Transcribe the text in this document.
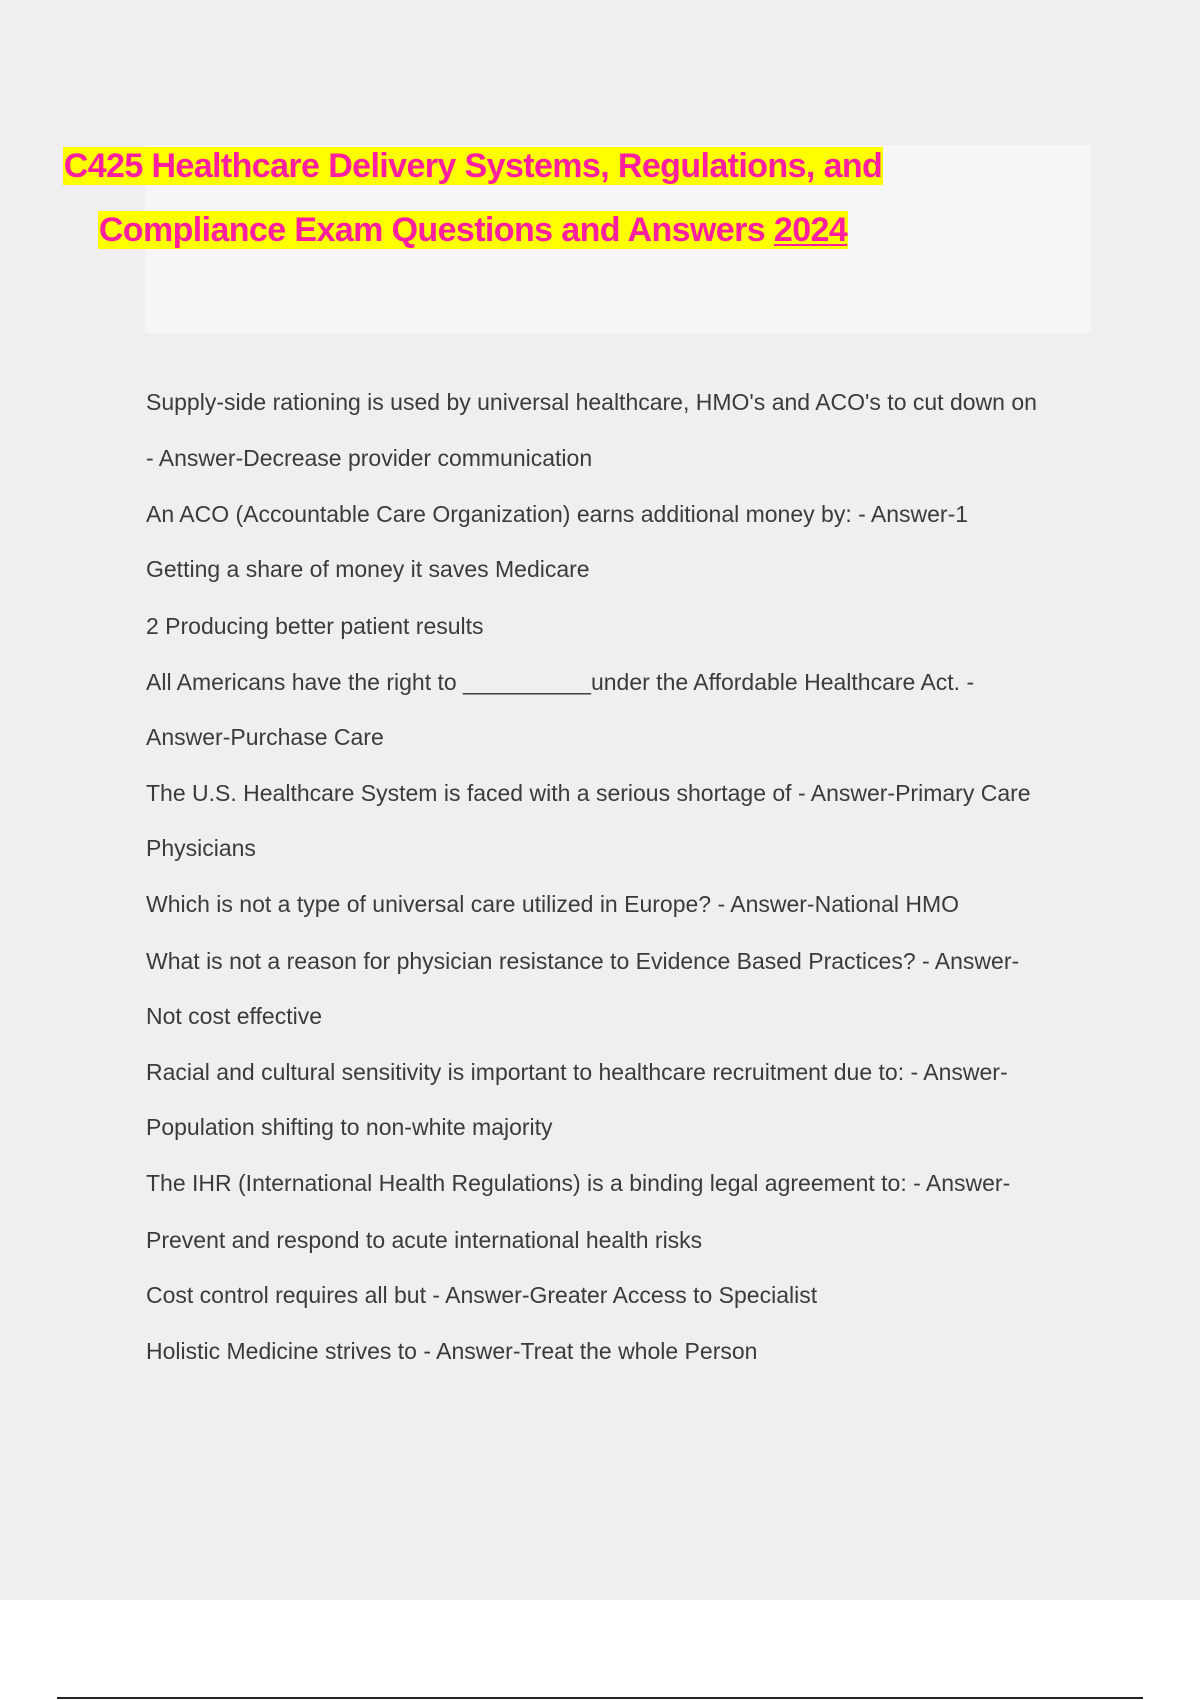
C425 Healthcare Delivery Systems, Regulations, and
Compliance Exam Questions and Answers 2024
Supply-side rationing is used by universal healthcare, HMO's and ACO's to cut down on
- Answer-Decrease provider communication
An ACO (Accountable Care Organization) earns additional money by: - Answer-1
Getting a share of money it saves Medicare
2 Producing better patient results
All Americans have the right to __________under the Affordable Healthcare Act. -
Answer-Purchase Care
The U.S. Healthcare System is faced with a serious shortage of - Answer-Primary Care
Physicians
Which is not a type of universal care utilized in Europe? - Answer-National HMO
What is not a reason for physician resistance to Evidence Based Practices? - Answer-
Not cost effective
Racial and cultural sensitivity is important to healthcare recruitment due to: - Answer-
Population shifting to non-white majority
The IHR (International Health Regulations) is a binding legal agreement to: - Answer-
Prevent and respond to acute international health risks
Cost control requires all but - Answer-Greater Access to Specialist
Holistic Medicine strives to - Answer-Treat the whole Person
